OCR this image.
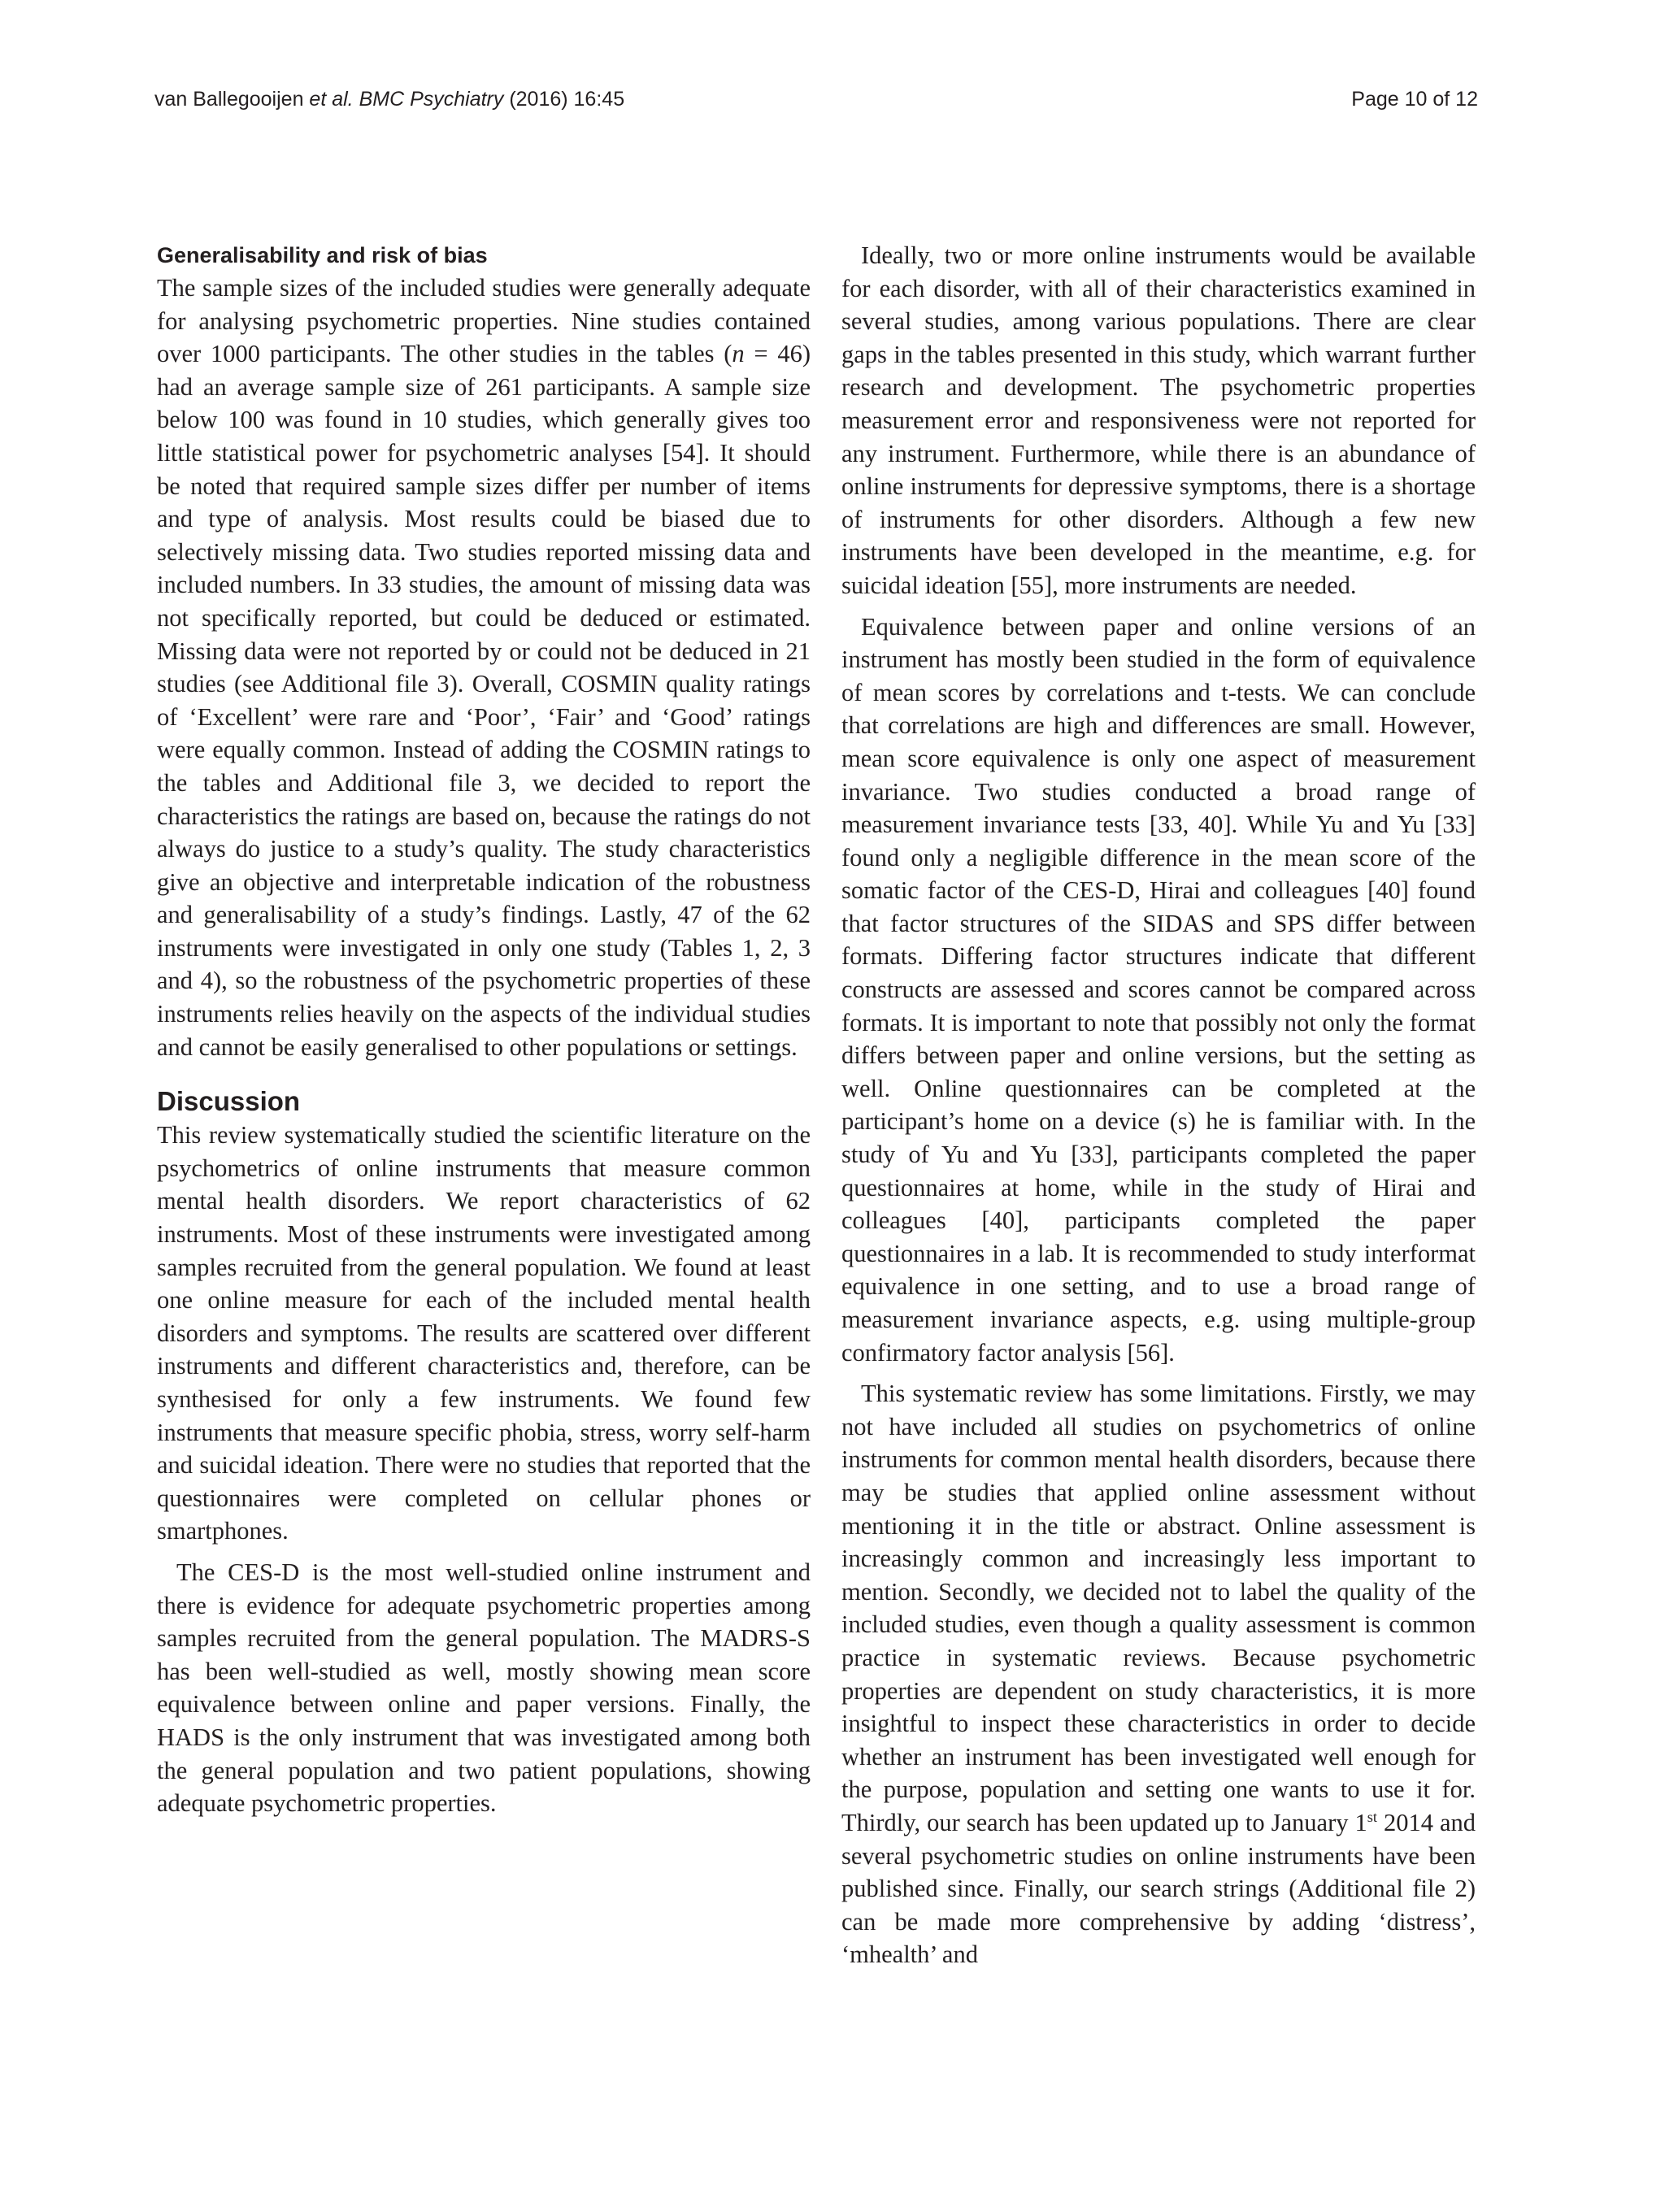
van Ballegooijen et al. BMC Psychiatry (2016) 16:45	Page 10 of 12
Generalisability and risk of bias

The sample sizes of the included studies were generally adequate for analysing psychometric properties. Nine studies contained over 1000 participants. The other studies in the tables (n = 46) had an average sample size of 261 participants. A sample size below 100 was found in 10 studies, which generally gives too little statistical power for psychometric analyses [54]. It should be noted that required sample sizes differ per number of items and type of analysis. Most results could be biased due to selectively missing data. Two studies reported missing data and included numbers. In 33 studies, the amount of missing data was not specifically reported, but could be deduced or estimated. Missing data were not reported by or could not be deduced in 21 studies (see Additional file 3). Overall, COSMIN quality ratings of ‘Excellent’ were rare and ‘Poor’, ‘Fair’ and ‘Good’ ratings were equally common. Instead of adding the COSMIN ratings to the tables and Additional file 3, we decided to report the characteristics the ratings are based on, because the ratings do not always do justice to a study’s quality. The study characteristics give an objective and interpretable indication of the robustness and generalisability of a study’s findings. Lastly, 47 of the 62 instruments were investigated in only one study (Tables 1, 2, 3 and 4), so the robustness of the psychometric properties of these instruments relies heavily on the aspects of the individual studies and cannot be easily generalised to other populations or settings.

Discussion

This review systematically studied the scientific literature on the psychometrics of online instruments that measure common mental health disorders. We report characteristics of 62 instruments. Most of these instruments were investigated among samples recruited from the general population. We found at least one online measure for each of the included mental health disorders and symptoms. The results are scattered over different instruments and different characteristics and, therefore, can be synthesised for only a few instruments. We found few instruments that measure specific phobia, stress, worry self-harm and suicidal ideation. There were no studies that reported that the questionnaires were completed on cellular phones or smartphones.

The CES-D is the most well-studied online instrument and there is evidence for adequate psychometric properties among samples recruited from the general population. The MADRS-S has been well-studied as well, mostly showing mean score equivalence between online and paper versions. Finally, the HADS is the only instrument that was investigated among both the general population and two patient populations, showing adequate psychometric properties.

Ideally, two or more online instruments would be available for each disorder, with all of their characteristics examined in several studies, among various populations. There are clear gaps in the tables presented in this study, which warrant further research and development. The psychometric properties measurement error and responsiveness were not reported for any instrument. Furthermore, while there is an abundance of online instruments for depressive symptoms, there is a shortage of instruments for other disorders. Although a few new instruments have been developed in the meantime, e.g. for suicidal ideation [55], more instruments are needed.

Equivalence between paper and online versions of an instrument has mostly been studied in the form of equivalence of mean scores by correlations and t-tests. We can conclude that correlations are high and differences are small. However, mean score equivalence is only one aspect of measurement invariance. Two studies conducted a broad range of measurement invariance tests [33, 40]. While Yu and Yu [33] found only a negligible difference in the mean score of the somatic factor of the CES-D, Hirai and colleagues [40] found that factor structures of the SIDAS and SPS differ between formats. Differing factor structures indicate that different constructs are assessed and scores cannot be compared across formats. It is important to note that possibly not only the format differs between paper and online versions, but the setting as well. Online questionnaires can be completed at the participant’s home on a device (s) he is familiar with. In the study of Yu and Yu [33], participants completed the paper questionnaires at home, while in the study of Hirai and colleagues [40], participants completed the paper questionnaires in a lab. It is recommended to study interformat equivalence in one setting, and to use a broad range of measurement invariance aspects, e.g. using multiple-group confirmatory factor analysis [56].

This systematic review has some limitations. Firstly, we may not have included all studies on psychometrics of online instruments for common mental health disorders, because there may be studies that applied online assessment without mentioning it in the title or abstract. Online assessment is increasingly common and increasingly less important to mention. Secondly, we decided not to label the quality of the included studies, even though a quality assessment is common practice in systematic reviews. Because psychometric properties are dependent on study characteristics, it is more insightful to inspect these characteristics in order to decide whether an instrument has been investigated well enough for the purpose, population and setting one wants to use it for. Thirdly, our search has been updated up to January 1st 2014 and several psychometric studies on online instruments have been published since. Finally, our search strings (Additional file 2) can be made more comprehensive by adding ‘distress’, ‘mhealth’ and
